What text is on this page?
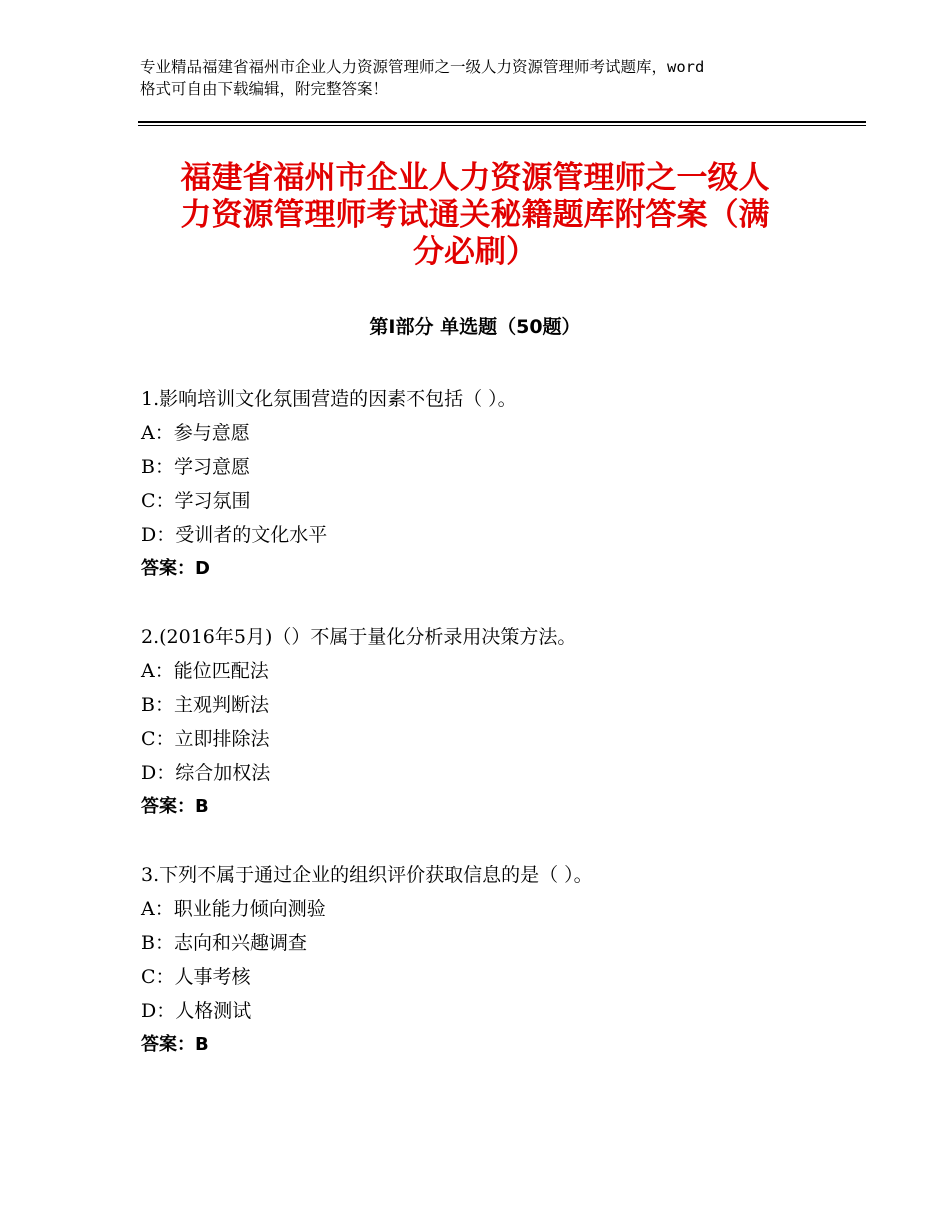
专业精品福建省福州市企业人力资源管理师之一级人力资源管理师考试题库，word
格式可自由下载编辑，附完整答案！
福建省福州市企业人力资源管理师之一级人
力资源管理师考试通关秘籍题库附答案（满
分必刷）
第Ⅰ部分 单选题（50题）
1.影响培训文化氛围营造的因素不包括（ ）。
A：参与意愿
B：学习意愿
C：学习氛围
D：受训者的文化水平
答案：D
2.(2016年5月)（）不属于量化分析录用决策方法。
A：能位匹配法
B：主观判断法
C：立即排除法
D：综合加权法
答案：B
3.下列不属于通过企业的组织评价获取信息的是（ ）。
A：职业能力倾向测验
B：志向和兴趣调查
C：人事考核
D：人格测试
答案：B
